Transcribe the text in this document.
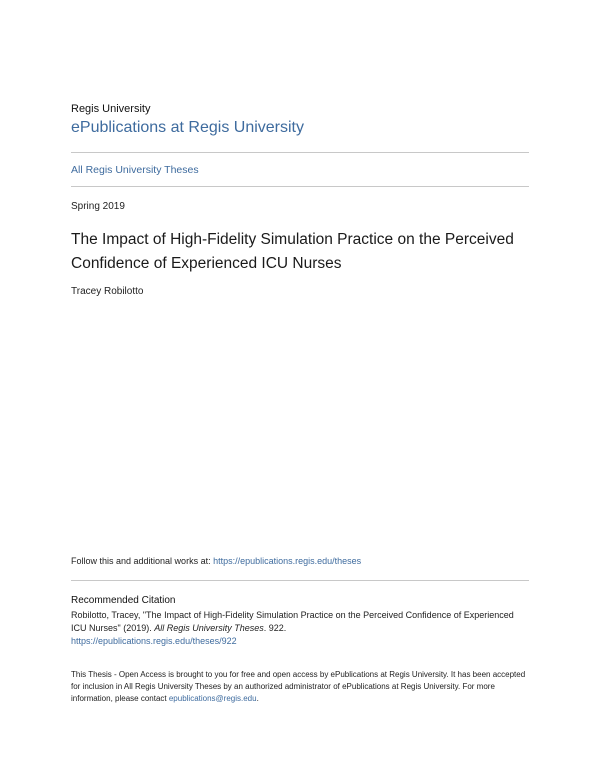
Regis University
ePublications at Regis University
All Regis University Theses
Spring 2019
The Impact of High-Fidelity Simulation Practice on the Perceived Confidence of Experienced ICU Nurses
Tracey Robilotto
Follow this and additional works at: https://epublications.regis.edu/theses
Recommended Citation
Robilotto, Tracey, "The Impact of High-Fidelity Simulation Practice on the Perceived Confidence of Experienced ICU Nurses" (2019). All Regis University Theses. 922.
https://epublications.regis.edu/theses/922
This Thesis - Open Access is brought to you for free and open access by ePublications at Regis University. It has been accepted for inclusion in All Regis University Theses by an authorized administrator of ePublications at Regis University. For more information, please contact epublications@regis.edu.
